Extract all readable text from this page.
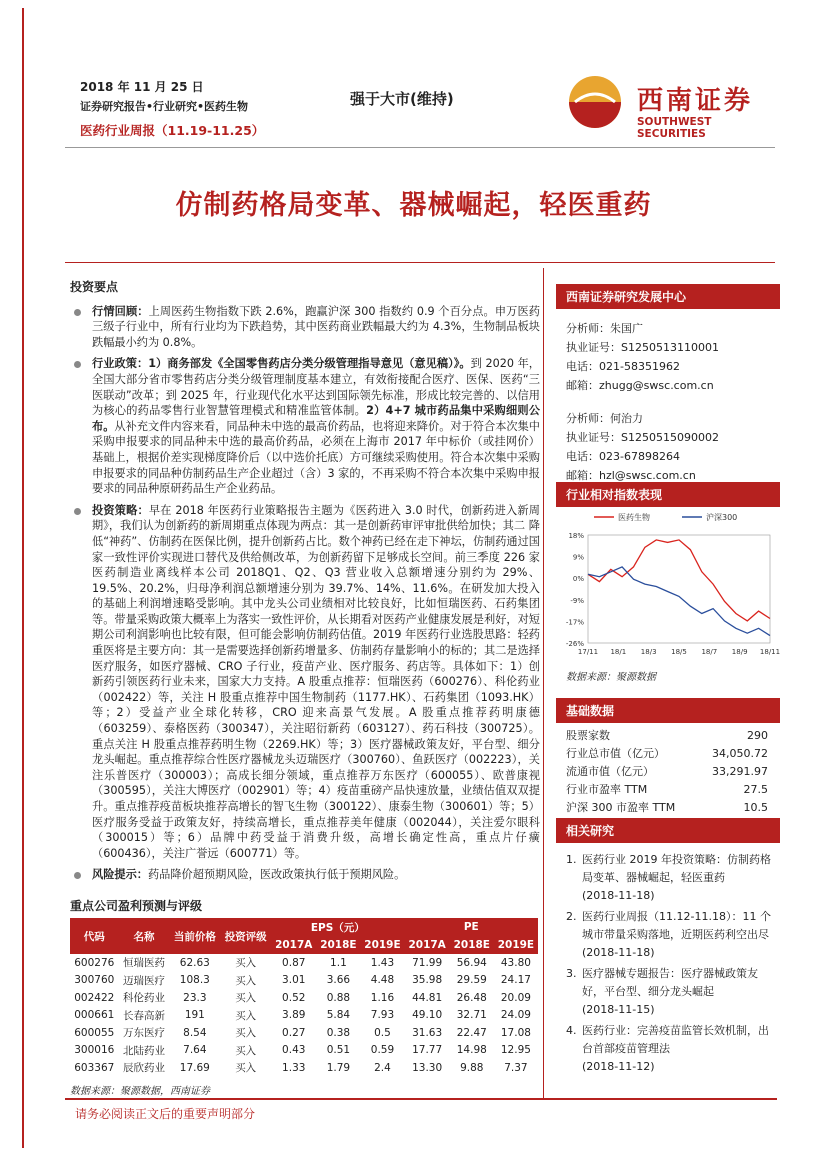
2018 年 11 月 25 日
证券研究报告•行业研究•医药生物
医药行业周报（11.19-11.25）
强于大市(维持)	西南证券
SOUTHWEST SECURITIES
仿制药格局变革、器械崛起，轻医重药
投资要点
行情回顾：上周医药生物指数下跌 2.6%，跑赢沪深 300 指数约 0.9 个百分点。申万医药三级子行业中，所有行业均为下跌趋势，其中医药商业跌幅最大约为 4.3%，生物制品板块跌幅最小约为 0.8%。
行业政策：1）商务部发《全国零售药店分类分级管理指导意见（意见稿）》。到 2020 年，全国大部分省市零售药店分类分级管理制度基本建立，有效衔接配合医疗、医保、医药“三医联动”改革；到 2025 年，行业现代化水平达到国际领先标准，形成比较完善的、以信用为核心的药品零售行业智慧管理模式和精准监管体制。2）4+7 城市药品集中采购细则公布。从补充文件内容来看，同品种未中选的最高价药品，也将迎来降价。对于符合本次集中采购申报要求的同品种未中选的最高价药品，必须在上海市 2017 年中标价（或挂网价）基础上，根据价差实现梯度降价后（以中选价托底）方可继续采购使用。符合本次集中采购申报要求的同品种仿制药品生产企业超过（含）3 家的，不再采购不符合本次集中采购申报要求的同品种原研药品生产企业药品。
投资策略：早在 2018 年医药行业策略报告主题为《医药进入 3.0 时代，创新药进入新周期》，我们认为创新药的新周期重点体现为两点：其一是创新药审评审批供给加快；其二 降低“神药”、仿制药在医保比例，提升创新药占比。数个神药已经在走下神坛，仿制药通过国家一致性评价实现进口替代及供给侧改革，为创新药留下足够成长空间。前三季度 226 家医药制造业离线样本公司 2018Q1、Q2、Q3 营业收入总额增速分别约为 29%、19.5%、20.2%，归母净利润总额增速分别为 39.7%、14%、11.6%。在研发加大投入的基础上利润增速略受影响。其中龙头公司业绩相对比较良好，比如恒瑞医药、石药集团等。带量采购政策大概率上为落实一致性评价，从长期看对医药产业健康发展是利好，对短期公司利润影响也比较有限，但可能会影响仿制药估值。2019 年医药行业选股思路：轻药重医将是主要方向：其一是需要选择创新药增量多、仿制药存量影响小的标的；其二是选择医疗服务，如医疗器械、CRO 子行业，疫苗产业、医疗服务、药店等。具体如下：1）创新药引领医药行业未来，国家大力支持。A 股重点推荐：恒瑞医药（600276）、科伦药业（002422）等，关注 H 股重点推荐中国生物制药（1177.HK）、石药集团（1093.HK）等；2）受益产业全球化转移，CRO 迎来高景气发展。A 股重点推荐药明康德（603259）、泰格医药（300347），关注昭衍新药（603127）、药石科技（300725）。重点关注 H 股重点推荐药明生物（2269.HK）等；3）医疗器械政策友好，平台型、细分龙头崛起。重点推荐综合性医疗器械龙头迈瑞医疗（300760）、鱼跃医疗（002223），关注乐普医疗（300003）；高成长细分领域，重点推荐万东医疗（600055）、欧普康视（300595），关注大博医疗（002901）等；4）疫苗重磅产品快速放量，业绩估值双双提升。重点推荐疫苗板块推荐高增长的智飞生物（300122）、康泰生物（300601）等；5）医疗服务受益于政策友好，持续高增长，重点推荐美年健康（002044），关注爱尔眼科（300015）等；6）品牌中药受益于消费升级，高增长确定性高，重点片仔癀（600436），关注广誉远（600771）等。
风险提示：药品降价超预期风险，医改政策执行低于预期风险。
西南证券研究发展中心
分析师：朱国广
执业证号：S1250513110001
电话：021-58351962
邮箱：zhugg@swsc.com.cn
分析师：何治力
执业证号：S1250515090002
电话：023-67898264
邮箱：hzl@swsc.com.cn
行业相对指数表现
18%
9%
0%
-9%
-17%
-26%
17/11 18/1 18/3 18/5 18/7 18/9 18/11
医药生物	沪深300
数据来源：聚源数据
基础数据
股票家数	290
行业总市值（亿元）	34,050.72
流通市值（亿元）	33,291.97
行业市盈率 TTM	27.5
沪深 300 市盈率 TTM	10.5
相关研究
1. 医药行业 2019 年投资策略：仿制药格局变革、器械崛起，轻医重药
(2018-11-18)
2. 医药行业周报（11.12-11.18）：11 个城市带量采购落地，近期医药利空出尽
(2018-11-18)
3. 医疗器械专题报告：医疗器械政策友好，平台型、细分龙头崛起
(2018-11-15)
4. 医药行业：完善疫苗监管长效机制，出台首部疫苗管理法
(2018-11-12)
重点公司盈利预测与评级
代码	名称	当前价格	投资评级	EPS（元）			PE		
				2017A	2018E	2019E	2017A	2018E	2019E
600276	恒瑞医药	62.63	买入	0.87	1.1	1.43	71.99	56.94	43.80
300760	迈瑞医疗	108.3	买入	3.01	3.66	4.48	35.98	29.59	24.17
002422	科伦药业	23.3	买入	0.52	0.88	1.16	44.81	26.48	20.09
000661	长春高新	191	买入	3.89	5.84	7.93	49.10	32.71	24.09
600055	万东医疗	8.54	买入	0.27	0.38	0.5	31.63	22.47	17.08
300016	北陆药业	7.64	买入	0.43	0.51	0.59	17.77	14.98	12.95
603367	辰欣药业	17.69	买入	1.33	1.79	2.4	13.30	9.88	7.37
数据来源：聚源数据，西南证券
请务必阅读正文后的重要声明部分
